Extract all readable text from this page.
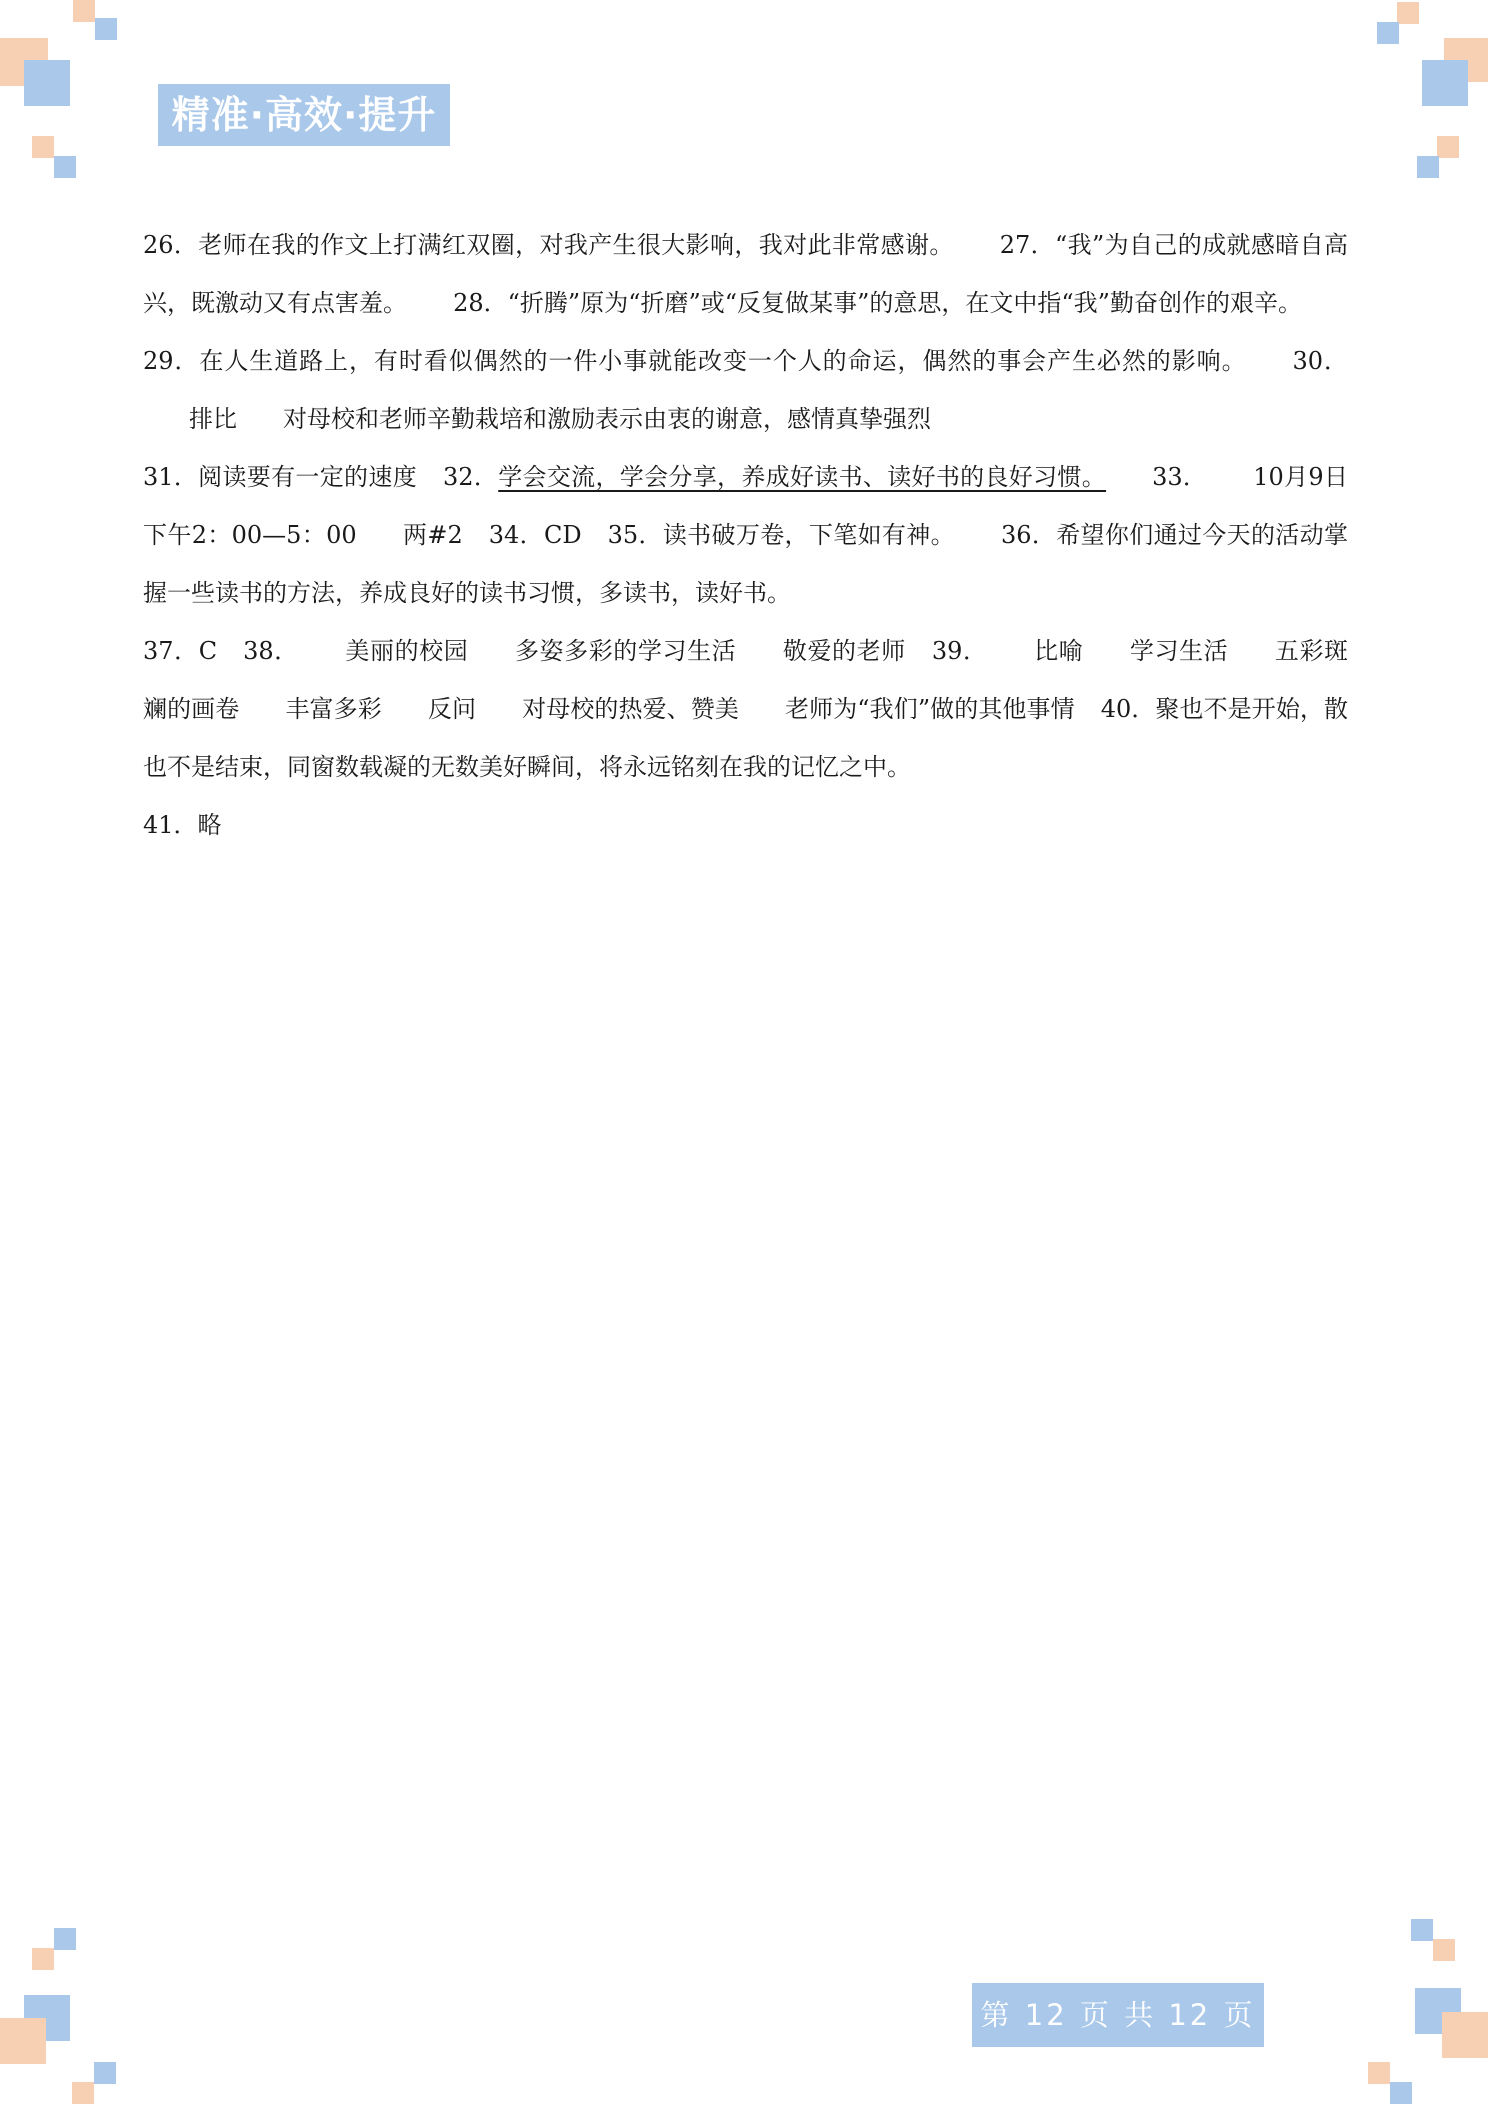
精准·高效·提升

26．老师在我的作文上打满红双圈，对我产生很大影响，我对此非常感谢。 27．“我”为自己的成就感暗自高兴，既激动又有点害羞。 28．“折腾”原为“折磨”或“反复做某事”的意思，在文中指“我”勤奋创作的艰辛。29．在人生道路上，有时看似偶然的一件小事就能改变一个人的命运，偶然的事会产生必然的影响。 30．排比 对母校和老师辛勤栽培和激励表示由衷的谢意，感情真挚强烈

31．阅读要有一定的速度 32．学会交流，学会分享，养成好读书、读好书的良好习惯。 33． 10月9日下午2：00—5：00 两#2 34．CD 35．读书破万卷，下笔如有神。 36．希望你们通过今天的活动掌握一些读书的方法，养成良好的读书习惯，多读书，读好书。

37．C 38． 美丽的校园 多姿多彩的学习生活 敬爱的老师 39． 比喻 学习生活 五彩斑斓的画卷 丰富多彩 反问 对母校的热爱、赞美 老师为“我们”做的其他事情 40．聚也不是开始，散也不是结束，同窗数载凝的无数美好瞬间，将永远铭刻在我的记忆之中。

41．略

第 12 页 共 12 页
